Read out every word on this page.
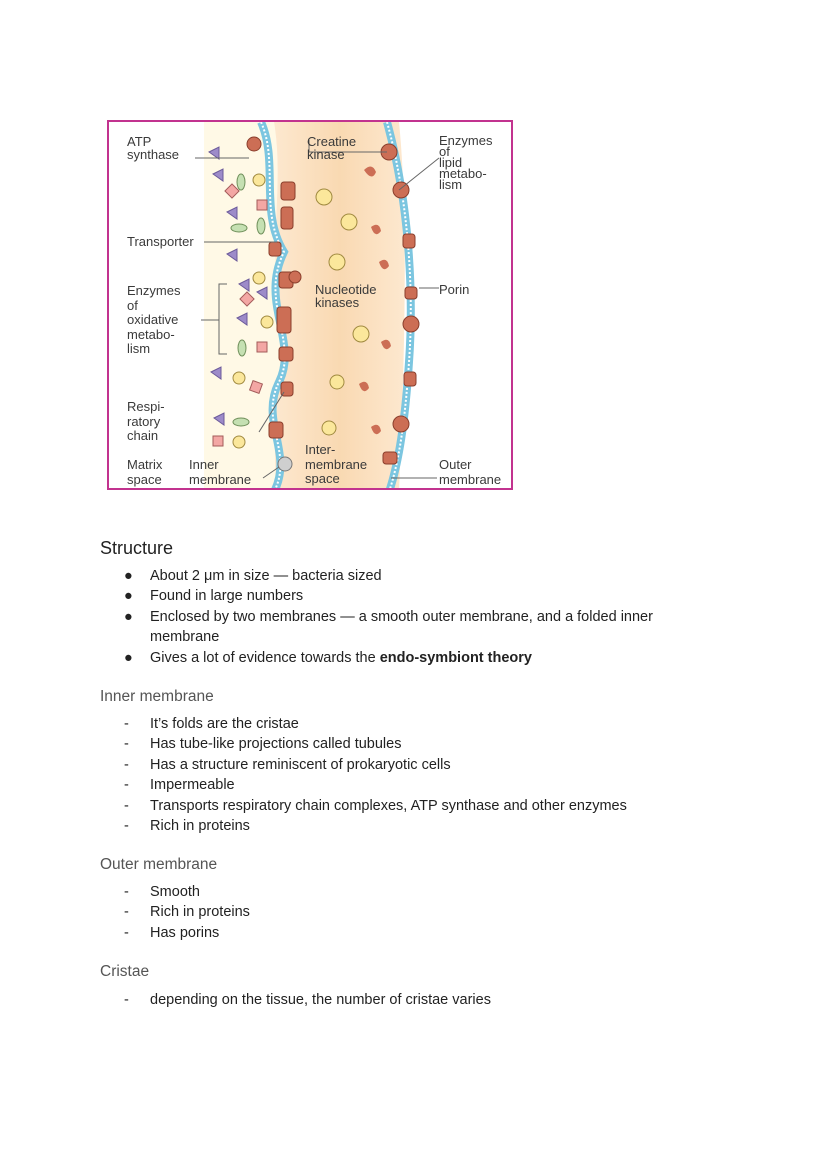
ATP
synthase
Creatine
kinase
Enzymes
of
lipid
metabo-
lism
Transporter
Enzymes
of
oxidative
metabo-
lism
Nucleotide
kinases
Porin
Respi-
ratory
chain
Matrix
space
Inner
membrane
Inter-
membrane
space
Outer
membrane
Structure
●	About 2 μm in size — bacteria sized
●	Found in large numbers
●	Enclosed by two membranes — a smooth outer membrane, and a folded inner membrane
●	Gives a lot of evidence towards the endo-symbiont theory
Inner membrane
-	It’s folds are the cristae
-	Has tube-like projections called tubules
-	Has a structure reminiscent of prokaryotic cells
-	Impermeable
-	Transports respiratory chain complexes, ATP synthase and other enzymes
-	Rich in proteins
Outer membrane
-	Smooth
-	Rich in proteins
-	Has porins
Cristae
-	depending on the tissue, the number of cristae varies
